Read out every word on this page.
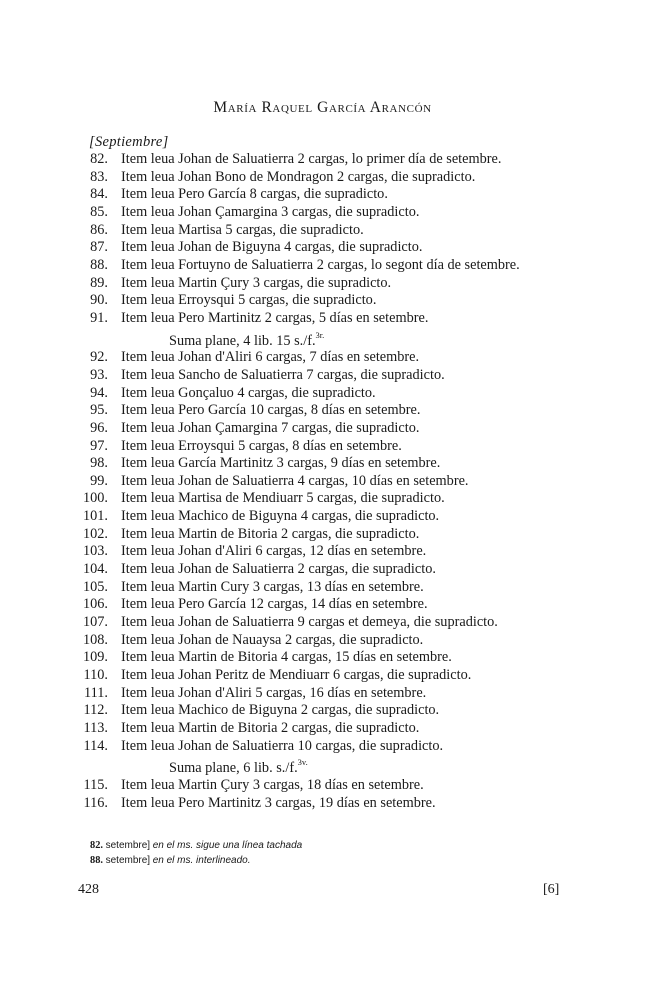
María Raquel García Arancón
[Septiembre]
82. Item leua Johan de Saluatierra 2 cargas, lo primer día de setembre.
83. Item leua Johan Bono de Mondragon 2 cargas, die supradicto.
84. Item leua Pero García 8 cargas, die supradicto.
85. Item leua Johan Çamargina 3 cargas, die supradicto.
86. Item leua Martisa 5 cargas, die supradicto.
87. Item leua Johan de Biguyna 4 cargas, die supradicto.
88. Item leua Fortuyno de Saluatierra 2 cargas, lo segont día de setembre.
89. Item leua Martin Çury 3 cargas, die supradicto.
90. Item leua Erroysqui 5 cargas, die supradicto.
91. Item leua Pero Martinitz 2 cargas, 5 días en setembre.
Suma plane, 4 lib. 15 s./f.$^{3r.}$
92. Item leua Johan d'Aliri 6 cargas, 7 días en setembre.
93. Item leua Sancho de Saluatierra 7 cargas, die supradicto.
94. Item leua Gonçaluo 4 cargas, die supradicto.
95. Item leua Pero García 10 cargas, 8 días en setembre.
96. Item leua Johan Çamargina 7 cargas, die supradicto.
97. Item leua Erroysqui 5 cargas, 8 días en setembre.
98. Item leua García Martinitz 3 cargas, 9 días en setembre.
99. Item leua Johan de Saluatierra 4 cargas, 10 días en setembre.
100. Item leua Martisa de Mendiuarr 5 cargas, die supradicto.
101. Item leua Machico de Biguyna 4 cargas, die supradicto.
102. Item leua Martin de Bitoria 2 cargas, die supradicto.
103. Item leua Johan d'Aliri 6 cargas, 12 días en setembre.
104. Item leua Johan de Saluatierra 2 cargas, die supradicto.
105. Item leua Martin Cury 3 cargas, 13 días en setembre.
106. Item leua Pero García 12 cargas, 14 días en setembre.
107. Item leua Johan de Saluatierra 9 cargas et demeya, die supradicto.
108. Item leua Johan de Nauaysa 2 cargas, die supradicto.
109. Item leua Martin de Bitoria 4 cargas, 15 días en setembre.
110. Item leua Johan Peritz de Mendiuarr 6 cargas, die supradicto.
111. Item leua Johan d'Aliri 5 cargas, 16 días en setembre.
112. Item leua Machico de Biguyna 2 cargas, die supradicto.
113. Item leua Martin de Bitoria 2 cargas, die supradicto.
114. Item leua Johan de Saluatierra 10 cargas, die supradicto.
Suma plane, 6 lib. s./f.$^{3v.}$
115. Item leua Martin Çury 3 cargas, 18 días en setembre.
116. Item leua Pero Martinitz 3 cargas, 19 días en setembre.
82. setembre] en el ms. sigue una línea tachada
88. setembre] en el ms. interlineado.
428	[6]
